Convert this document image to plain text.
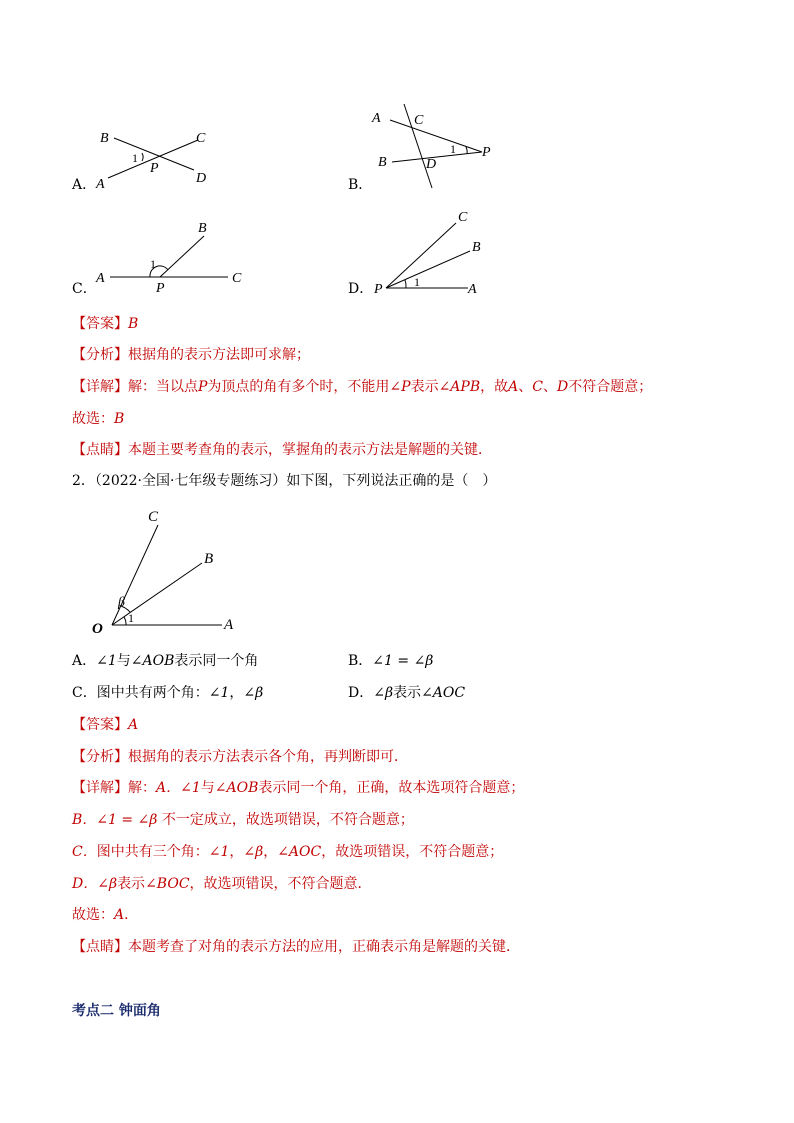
A．
B	C
A	D
P
1
B．
A C
B	D
P
1
C．
A
B
C
P
1
D．
C
B
P	A
1
【答案】B
【分析】根据角的表示方法即可求解；
【详解】解：当以点P为顶点的角有多个时，不能用∠P表示∠APB，故A、C、D不符合题意；
故选：B
【点睛】本题主要考查角的表示，掌握角的表示方法是解题的关键．
2．（2022·全国·七年级专题练习）如下图，下列说法正确的是（　）
C
B
O	A
β
1
A．∠1与∠AOB表示同一个角	B．∠1 = ∠β
C．图中共有两个角：∠1，∠β	D．∠β表示∠AOC
【答案】A
【分析】根据角的表示方法表示各个角，再判断即可．
【详解】解：A．∠1与∠AOB表示同一个角，正确，故本选项符合题意；
B．∠1 = ∠β 不一定成立，故选项错误，不符合题意；
C．图中共有三个角：∠1，∠β，∠AOC，故选项错误，不符合题意；
D．∠β表示∠BOC，故选项错误，不符合题意．
故选：A．
【点睛】本题考查了对角的表示方法的应用，正确表示角是解题的关键．
考点二 钟面角
